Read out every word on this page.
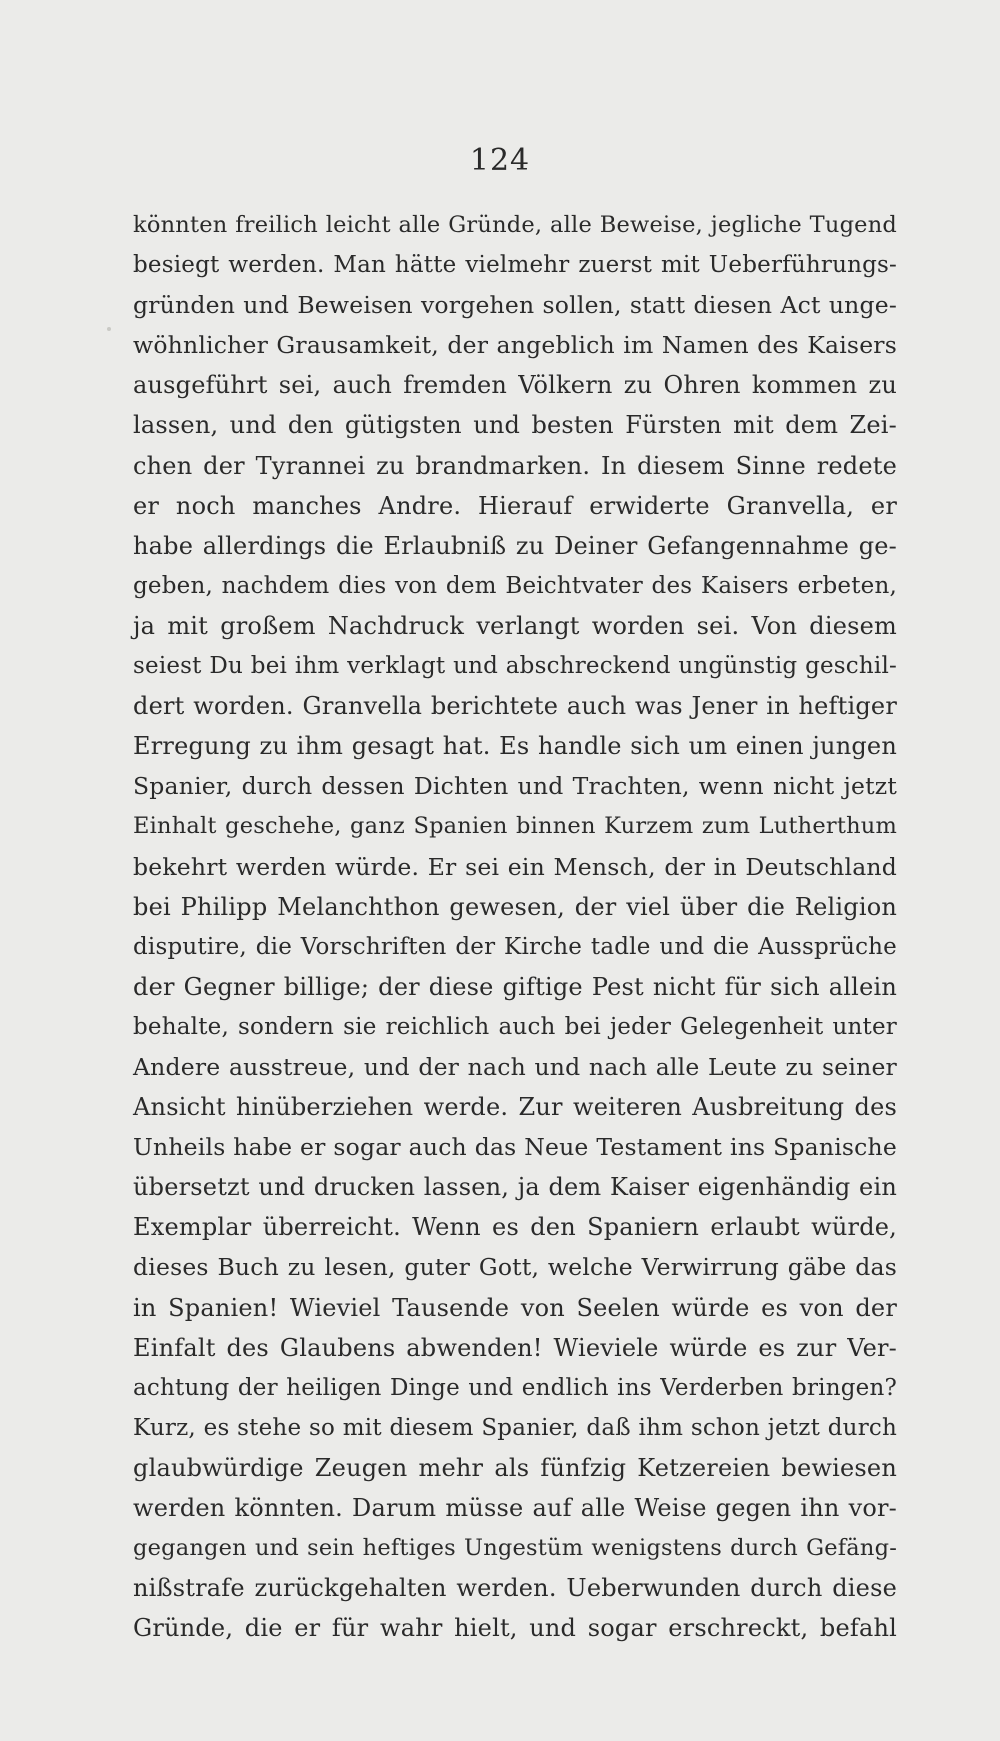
124
könnten freilich leicht alle Gründe, alle Beweise, jegliche Tugend
besiegt werden. Man hätte vielmehr zuerst mit Ueberführungs-
gründen und Beweisen vorgehen sollen, statt diesen Act unge-
wöhnlicher Grausamkeit, der angeblich im Namen des Kaisers
ausgeführt sei, auch fremden Völkern zu Ohren kommen zu
lassen, und den gütigsten und besten Fürsten mit dem Zei-
chen der Tyrannei zu brandmarken. In diesem Sinne redete
er noch manches Andre. Hierauf erwiderte Granvella, er
habe allerdings die Erlaubniß zu Deiner Gefangennahme ge-
geben, nachdem dies von dem Beichtvater des Kaisers erbeten,
ja mit großem Nachdruck verlangt worden sei. Von diesem
seiest Du bei ihm verklagt und abschreckend ungünstig geschil-
dert worden. Granvella berichtete auch was Jener in heftiger
Erregung zu ihm gesagt hat. Es handle sich um einen jungen
Spanier, durch dessen Dichten und Trachten, wenn nicht jetzt
Einhalt geschehe, ganz Spanien binnen Kurzem zum Lutherthum
bekehrt werden würde. Er sei ein Mensch, der in Deutschland
bei Philipp Melanchthon gewesen, der viel über die Religion
disputire, die Vorschriften der Kirche tadle und die Aussprüche
der Gegner billige; der diese giftige Pest nicht für sich allein
behalte, sondern sie reichlich auch bei jeder Gelegenheit unter
Andere ausstreue, und der nach und nach alle Leute zu seiner
Ansicht hinüberziehen werde. Zur weiteren Ausbreitung des
Unheils habe er sogar auch das Neue Testament ins Spanische
übersetzt und drucken lassen, ja dem Kaiser eigenhändig ein
Exemplar überreicht. Wenn es den Spaniern erlaubt würde,
dieses Buch zu lesen, guter Gott, welche Verwirrung gäbe das
in Spanien! Wieviel Tausende von Seelen würde es von der
Einfalt des Glaubens abwenden! Wieviele würde es zur Ver-
achtung der heiligen Dinge und endlich ins Verderben bringen?
Kurz, es stehe so mit diesem Spanier, daß ihm schon jetzt durch
glaubwürdige Zeugen mehr als fünfzig Ketzereien bewiesen
werden könnten. Darum müsse auf alle Weise gegen ihn vor-
gegangen und sein heftiges Ungestüm wenigstens durch Gefäng-
nißstrafe zurückgehalten werden. Ueberwunden durch diese
Gründe, die er für wahr hielt, und sogar erschreckt, befahl
